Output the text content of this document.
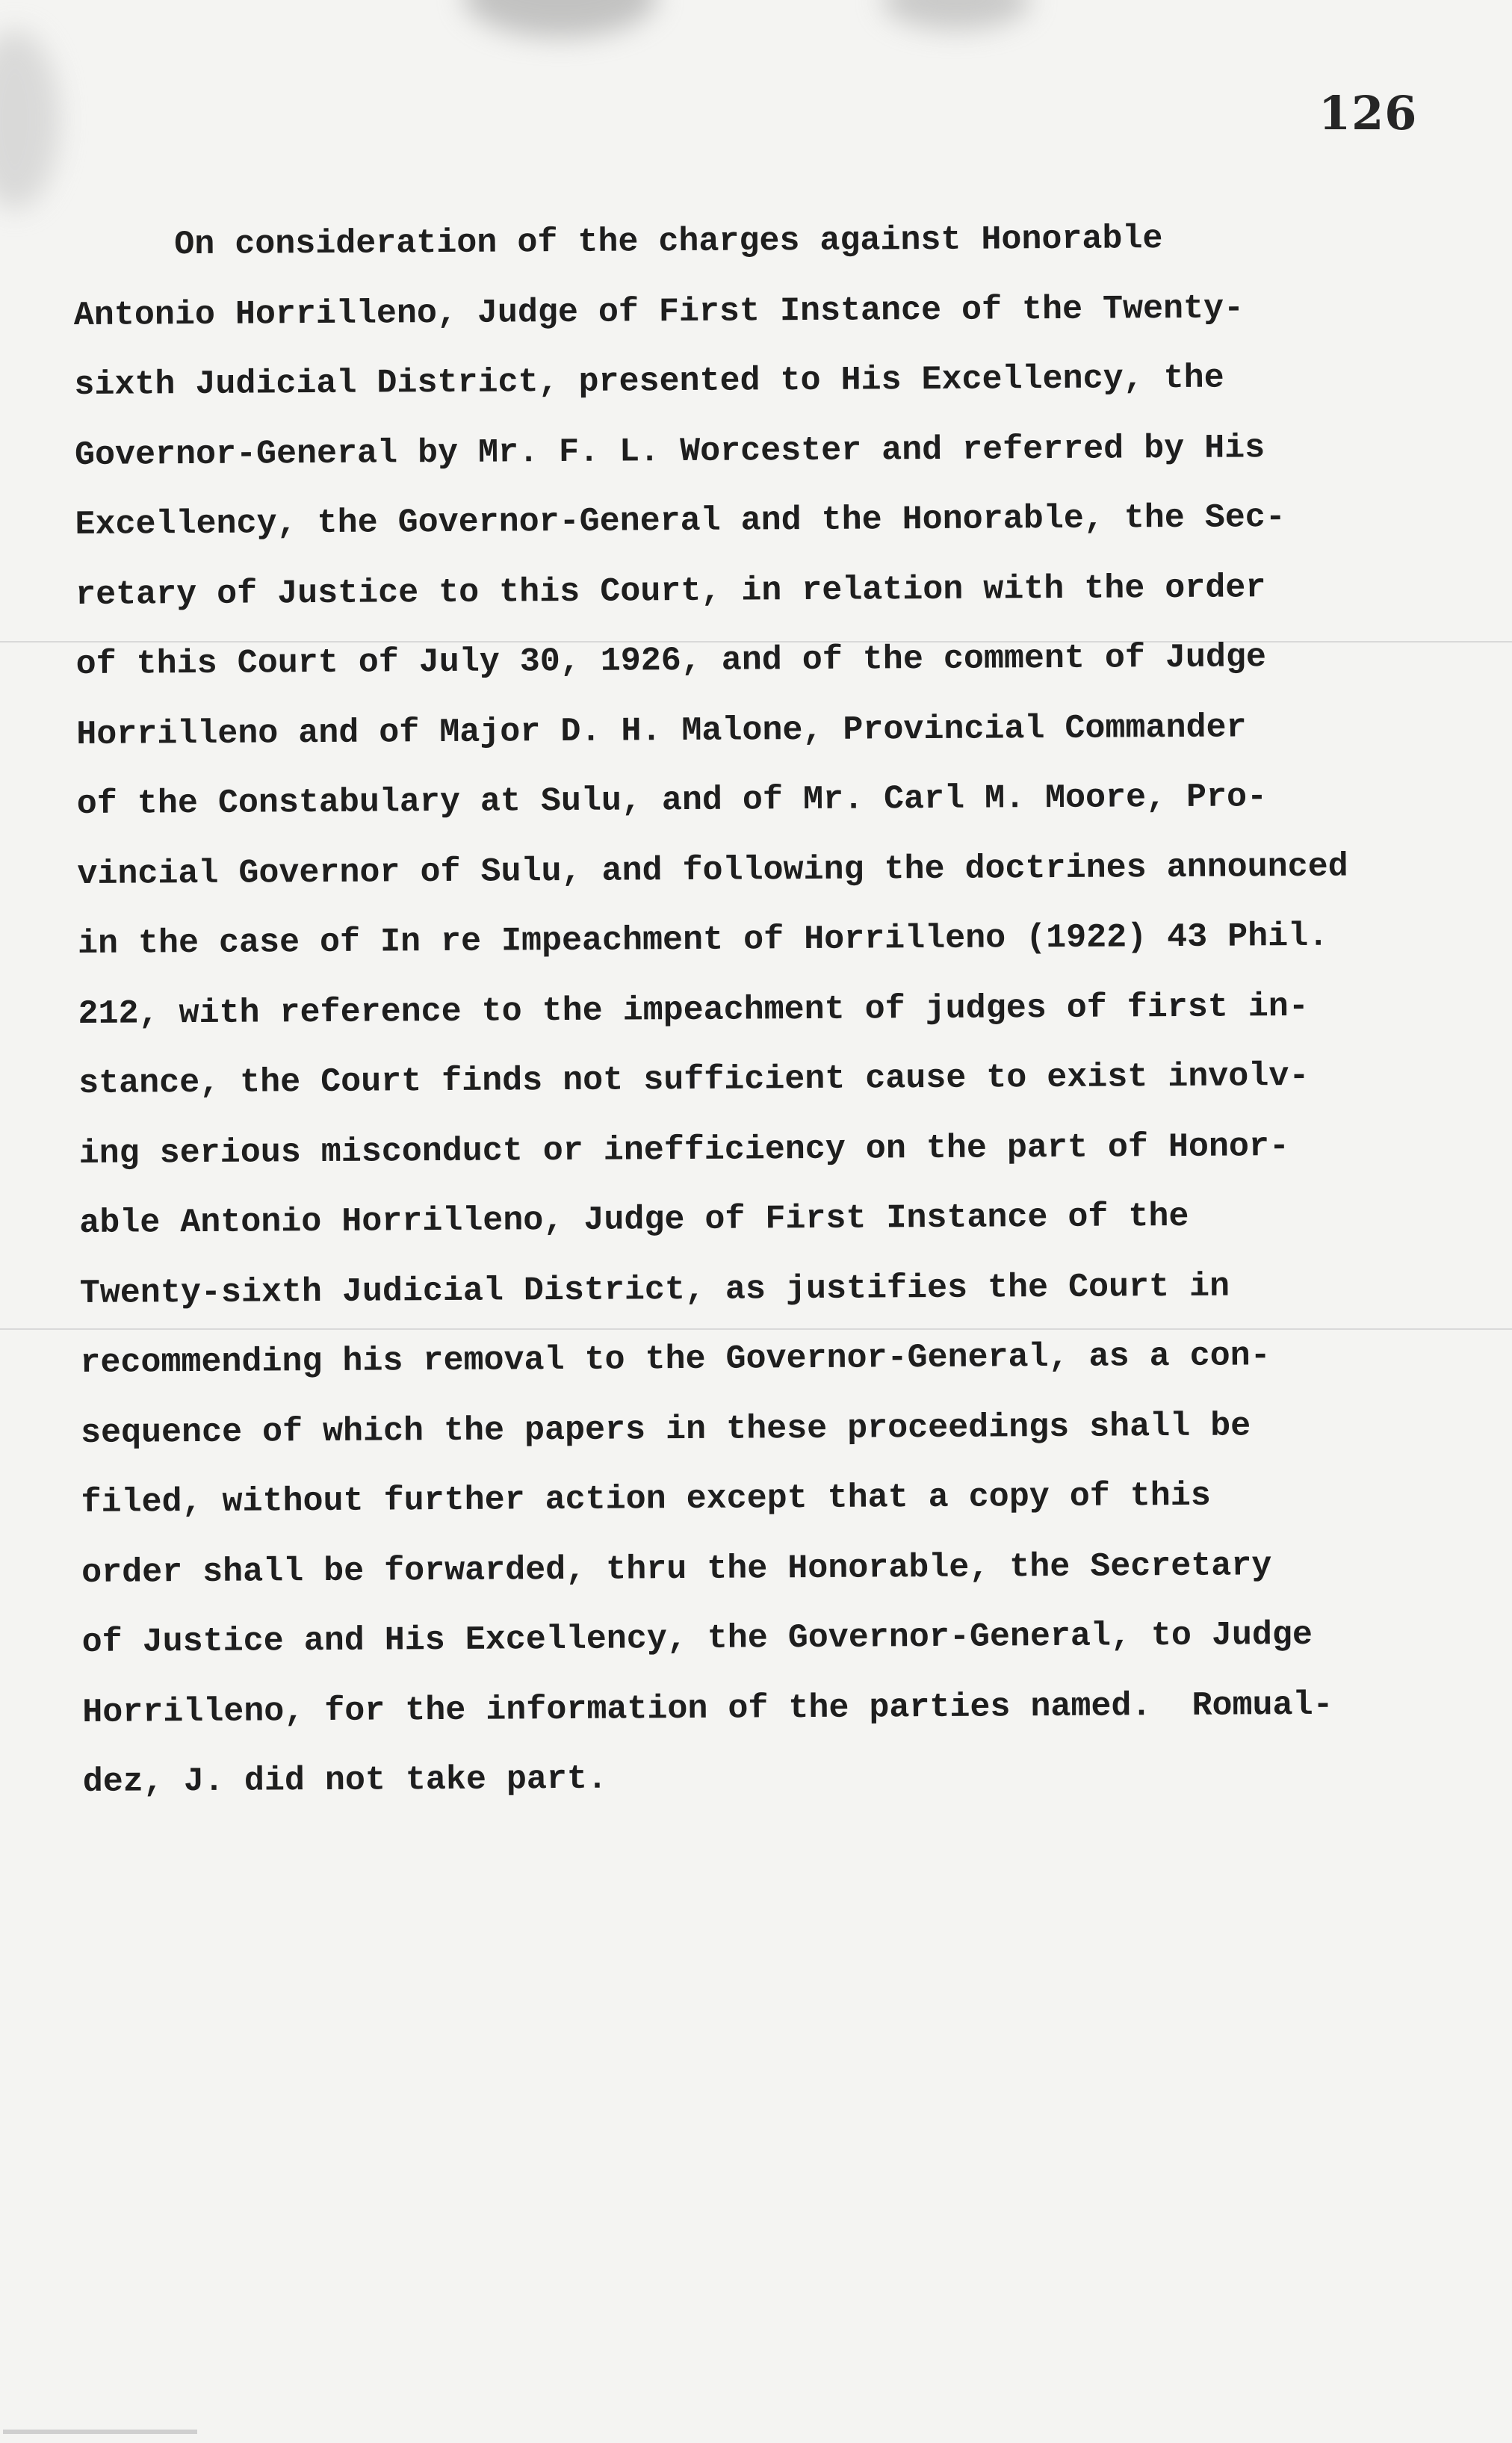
126
On consideration of the charges against Honorable
Antonio Horrilleno, Judge of First Instance of the Twenty-
sixth Judicial District, presented to His Excellency, the
Governor-General by Mr. F. L. Worcester and referred by His
Excellency, the Governor-General and the Honorable, the Sec-
retary of Justice to this Court, in relation with the order
of this Court of July 30, 1926, and of the comment of Judge
Horrilleno and of Major D. H. Malone, Provincial Commander
of the Constabulary at Sulu, and of Mr. Carl M. Moore, Pro-
vincial Governor of Sulu, and following the doctrines announced
in the case of In re Impeachment of Horrilleno (1922) 43 Phil.
212, with reference to the impeachment of judges of first in-
stance, the Court finds not sufficient cause to exist involv-
ing serious misconduct or inefficiency on the part of Honor-
able Antonio Horrilleno, Judge of First Instance of the
Twenty-sixth Judicial District, as justifies the Court in
recommending his removal to the Governor-General, as a con-
sequence of which the papers in these proceedings shall be
filed, without further action except that a copy of this
order shall be forwarded, thru the Honorable, the Secretary
of Justice and His Excellency, the Governor-General, to Judge
Horrilleno, for the information of the parties named.  Romual-
dez, J. did not take part.
